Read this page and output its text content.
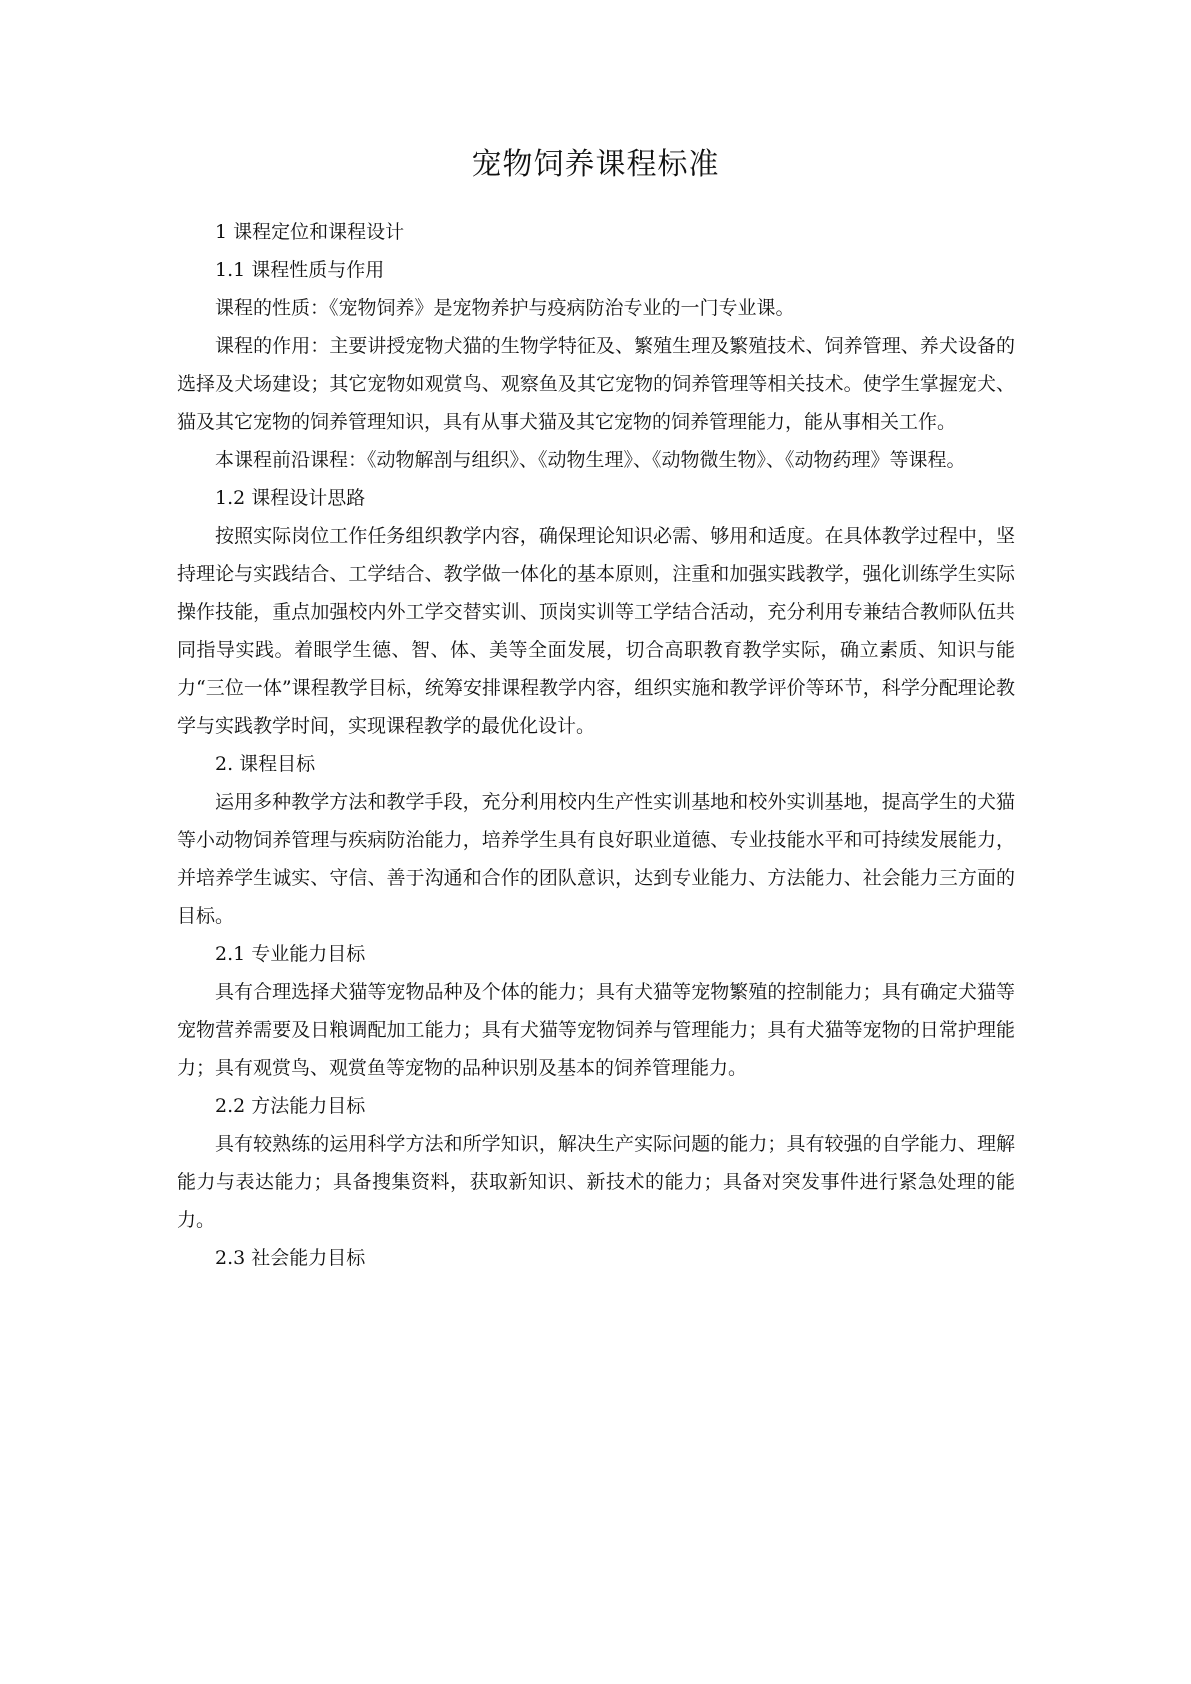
宠物饲养课程标准

1 课程定位和课程设计

1.1 课程性质与作用

课程的性质：《宠物饲养》是宠物养护与疫病防治专业的一门专业课。

课程的作用：主要讲授宠物犬猫的生物学特征及、繁殖生理及繁殖技术、饲养管理、养犬设备的选择及犬场建设；其它宠物如观赏鸟、观察鱼及其它宠物的饲养管理等相关技术。使学生掌握宠犬、猫及其它宠物的饲养管理知识，具有从事犬猫及其它宠物的饲养管理能力，能从事相关工作。

本课程前沿课程：《动物解剖与组织》、《动物生理》、《动物微生物》、《动物药理》等课程。

1.2 课程设计思路

按照实际岗位工作任务组织教学内容，确保理论知识必需、够用和适度。在具体教学过程中，坚持理论与实践结合、工学结合、教学做一体化的基本原则，注重和加强实践教学，强化训练学生实际操作技能，重点加强校内外工学交替实训、顶岗实训等工学结合活动，充分利用专兼结合教师队伍共同指导实践。着眼学生德、智、体、美等全面发展，切合高职教育教学实际，确立素质、知识与能力“三位一体”课程教学目标，统筹安排课程教学内容，组织实施和教学评价等环节，科学分配理论教学与实践教学时间，实现课程教学的最优化设计。

2. 课程目标

运用多种教学方法和教学手段，充分利用校内生产性实训基地和校外实训基地，提高学生的犬猫等小动物饲养管理与疾病防治能力，培养学生具有良好职业道德、专业技能水平和可持续发展能力，并培养学生诚实、守信、善于沟通和合作的团队意识，达到专业能力、方法能力、社会能力三方面的目标。

2.1 专业能力目标

具有合理选择犬猫等宠物品种及个体的能力；具有犬猫等宠物繁殖的控制能力；具有确定犬猫等宠物营养需要及日粮调配加工能力；具有犬猫等宠物饲养与管理能力；具有犬猫等宠物的日常护理能力；具有观赏鸟、观赏鱼等宠物的品种识别及基本的饲养管理能力。

2.2 方法能力目标

具有较熟练的运用科学方法和所学知识，解决生产实际问题的能力；具有较强的自学能力、理解能力与表达能力；具备搜集资料，获取新知识、新技术的能力；具备对突发事件进行紧急处理的能力。

2.3 社会能力目标
